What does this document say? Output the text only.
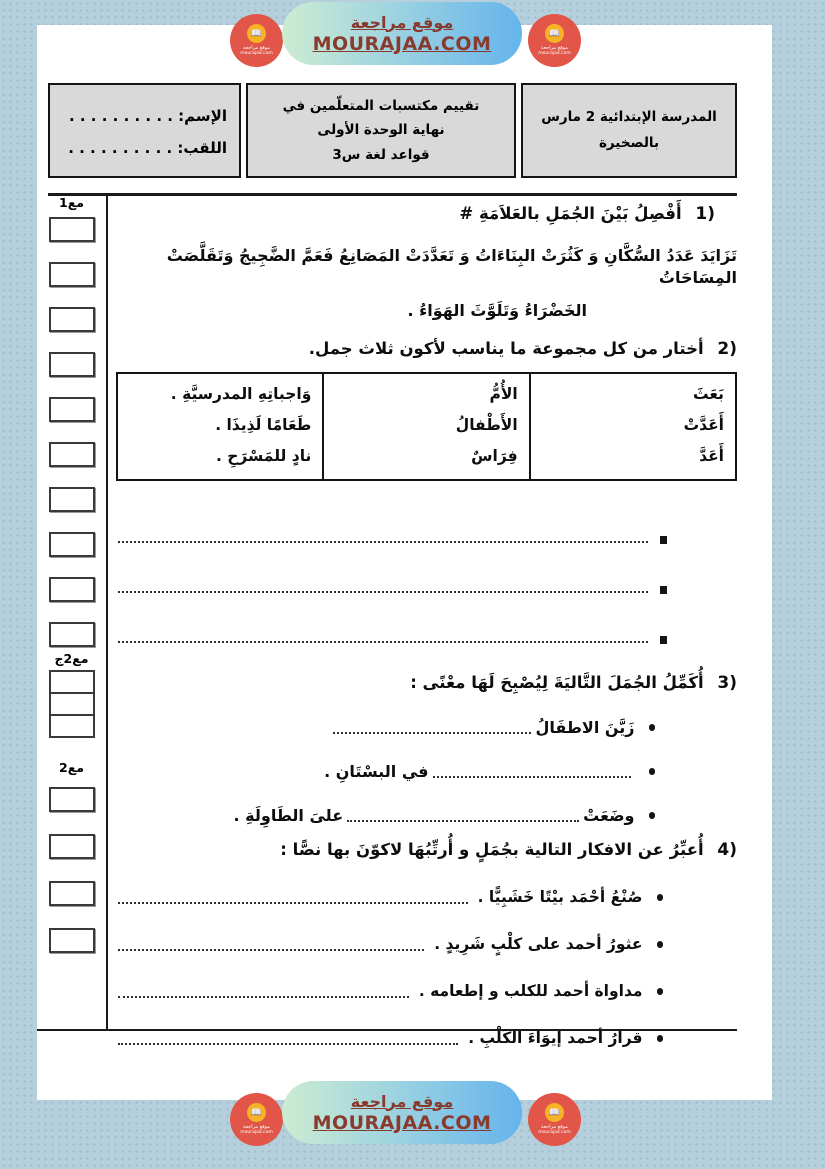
📖
موقع مراجعة
mourajaa.com
موقع مراجعة
MOURAJAA.COM	📖
موقع مراجعة
mourajaa.com
المدرسة الإبتدائية 2 مارس
بالصخيرة
تقييم مكتسبات المتعلّمين في
نهاية الوحدة الأولى
قواعد لغة س3
الإسم: . . . . . . . . . .
اللقب: . . . . . . . . . .
مع1
مع2ج
مع2
1) أَفْصِلُ بَيْنَ الجُمَلِ بالعَلاَمَةِ #
تَزَايَدَ عَدَدُ السُّكَّانِ وَ كَثُرَتْ البِنَاءَاتُ وَ تَعَدَّدَتْ المَصَانِعُ فَعَمَّ الضَّجِيجُ وَتَقَلَّصَتْ المِسَاحَاتُ
الخَضْرَاءُ وَتَلَوَّثَ الهَوَاءُ .
2) أختار من كل مجموعة ما يناسب لأكون ثلاث جمل.
بَعَثَ
أَعَدَّتْ
أَعَدَّ
الأُمُّ
الأَطْفالُ
فِرَاسٌ
وَاجباتِهِ المدرسيَّةِ .
طَعَامًا لَذِيذَا .
نادٍ للمَسْرَحِ .
3) أُكَمِّلُ الجُمَلَ التَّاليَةَ لِيُصْبِحَ لَهَا معْنًى :
زَيَّنَ الاطفَالُ
في البسْتَانِ .
وضَعَتْ
علىَ الطَاوِلَةِ .
4) أُعبِّرُ عن الافكار التالية بجُمَلٍ و أُرتِّبُهَا لاكوّنَ بها نصًّا :
صُنْعُ أحْمَد بيْتًا خَشَبِيًّا .
عثورُ أحمد على كلْبٍ شَرِيدٍ .
مداواة أحمد للكلب و إطعامه .
قرارُ أحمد إيوَاءَ الكَلْبِ .
📖
موقع مراجعة
mourajaa.com
موقع مراجعة
MOURAJAA.COM	📖
موقع مراجعة
mourajaa.com
